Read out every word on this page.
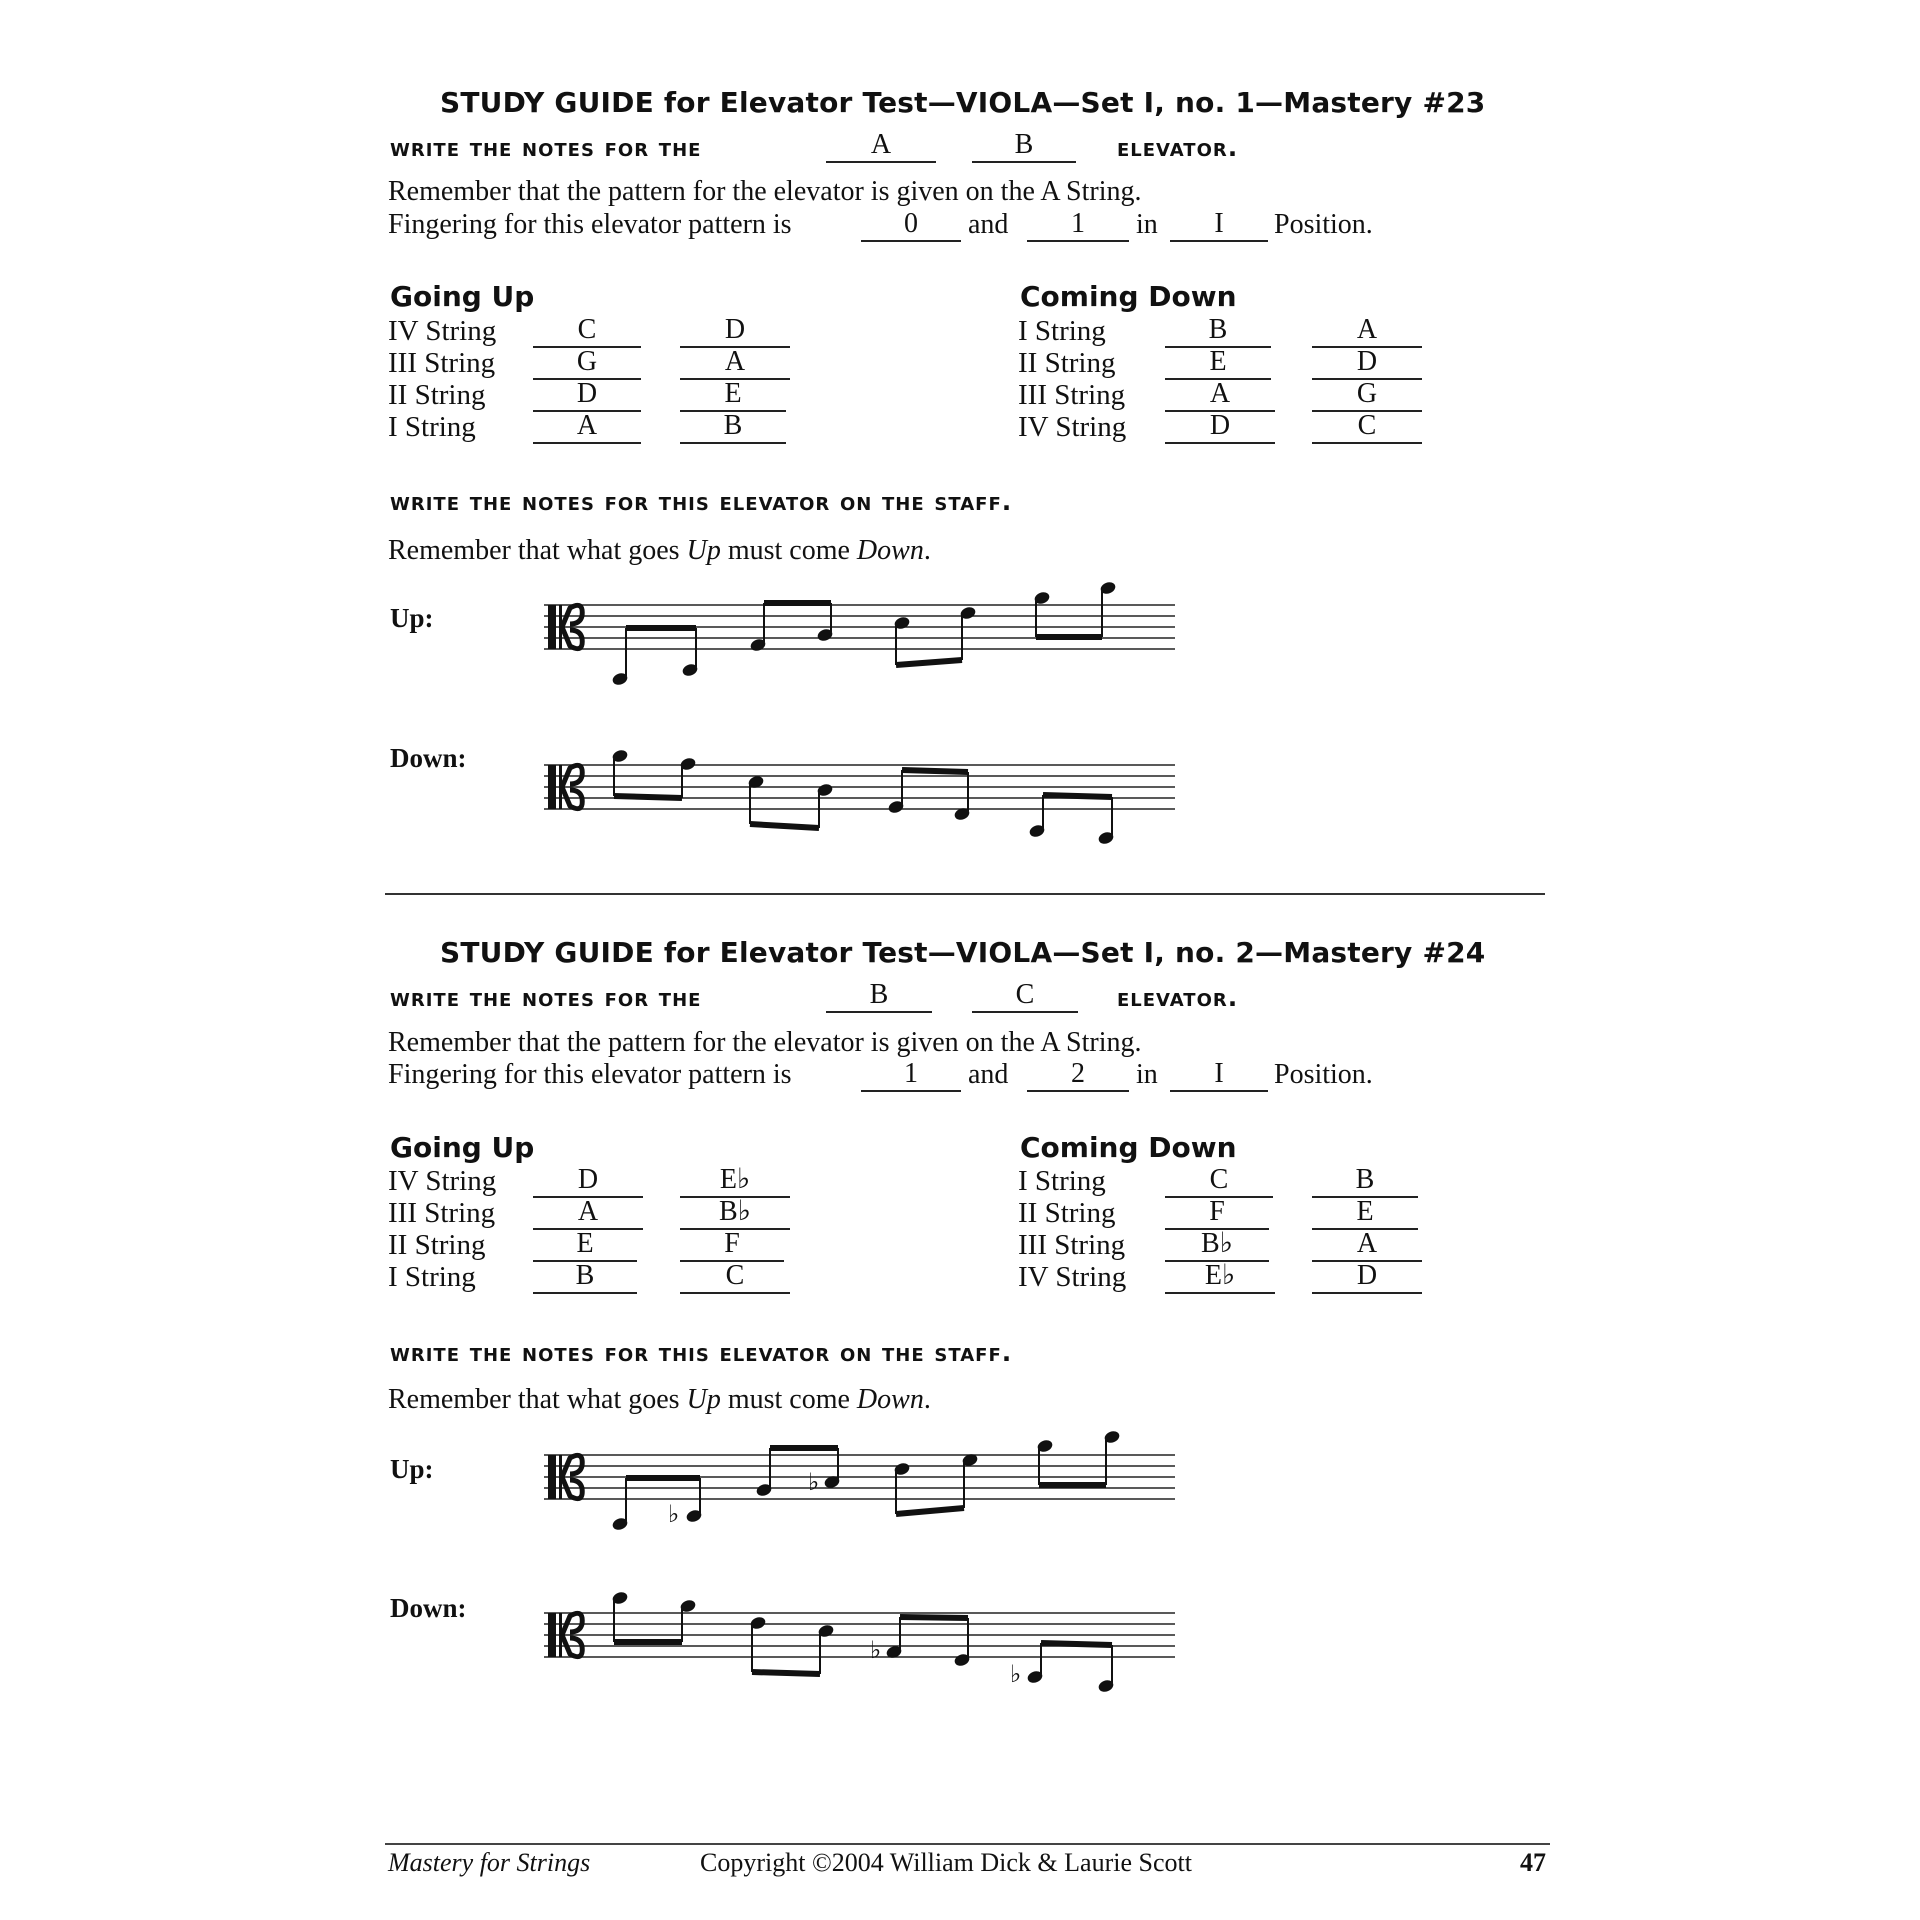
STUDY GUIDE for Elevator Test—VIOLA—Set I, no. 1—Mastery #23
write the notes for the	A	B	elevator.
Remember that the pattern for the elevator is given on the A String.
Fingering for this elevator pattern is	0	and	1	in	I	Position.
Going Up	Coming Down
IV String	C	D
III String	G	A
II String	D	E
I String	A	B
I String	B	A
II String	E	D
III String	A	G
IV String	D	C
write the notes for this elevator on the staff.
Remember that what goes Up must come Down.
Up:
Down:
STUDY GUIDE for Elevator Test—VIOLA—Set I, no. 2—Mastery #24
write the notes for the	B	C	elevator.
Remember that the pattern for the elevator is given on the A String.
Fingering for this elevator pattern is	1	and	2	in	I	Position.
Going Up	Coming Down
IV String	D	E♭
III String	A	B♭
II String	E	F
I String	B	C
I String	C	B
II String	F	E
III String	B♭	A
IV String	E♭	D
write the notes for this elevator on the staff.
Remember that what goes Up must come Down.
Up:
Down:
♭
♭
♭
♭
Mastery for Strings	Copyright ©2004 William Dick & Laurie Scott	47
